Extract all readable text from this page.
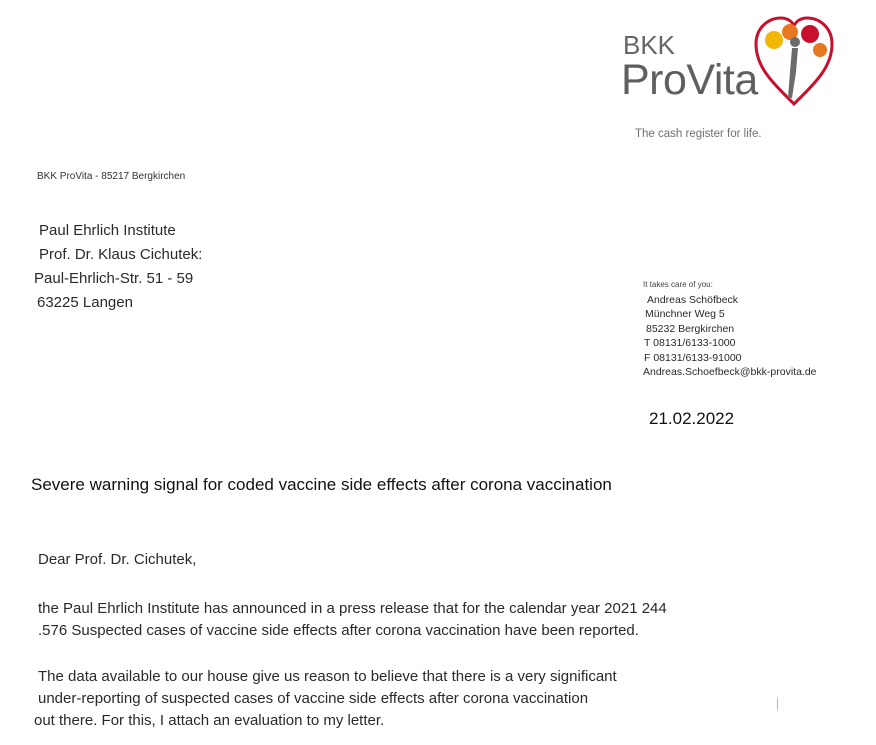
BKK
ProVita
The cash register for life.
BKK ProVita - 85217 Bergkirchen
Paul Ehrlich Institute
Prof. Dr. Klaus Cichutek:
Paul-Ehrlich-Str. 51 - 59
63225 Langen
It takes care of you:
Andreas Schöfbeck
Münchner Weg 5
85232 Bergkirchen
T 08131/6133-1000
F 08131/6133-91000
Andreas.Schoefbeck@bkk-provita.de
21.02.2022
Severe warning signal for coded vaccine side effects after corona vaccination
Dear Prof. Dr. Cichutek,
the Paul Ehrlich Institute has announced in a press release that for the calendar year 2021 244
.576 Suspected cases of vaccine side effects after corona vaccination have been reported.
The data available to our house give us reason to believe that there is a very significant
under-reporting of suspected cases of vaccine side effects after corona vaccination
out there. For this, I attach an evaluation to my letter.
